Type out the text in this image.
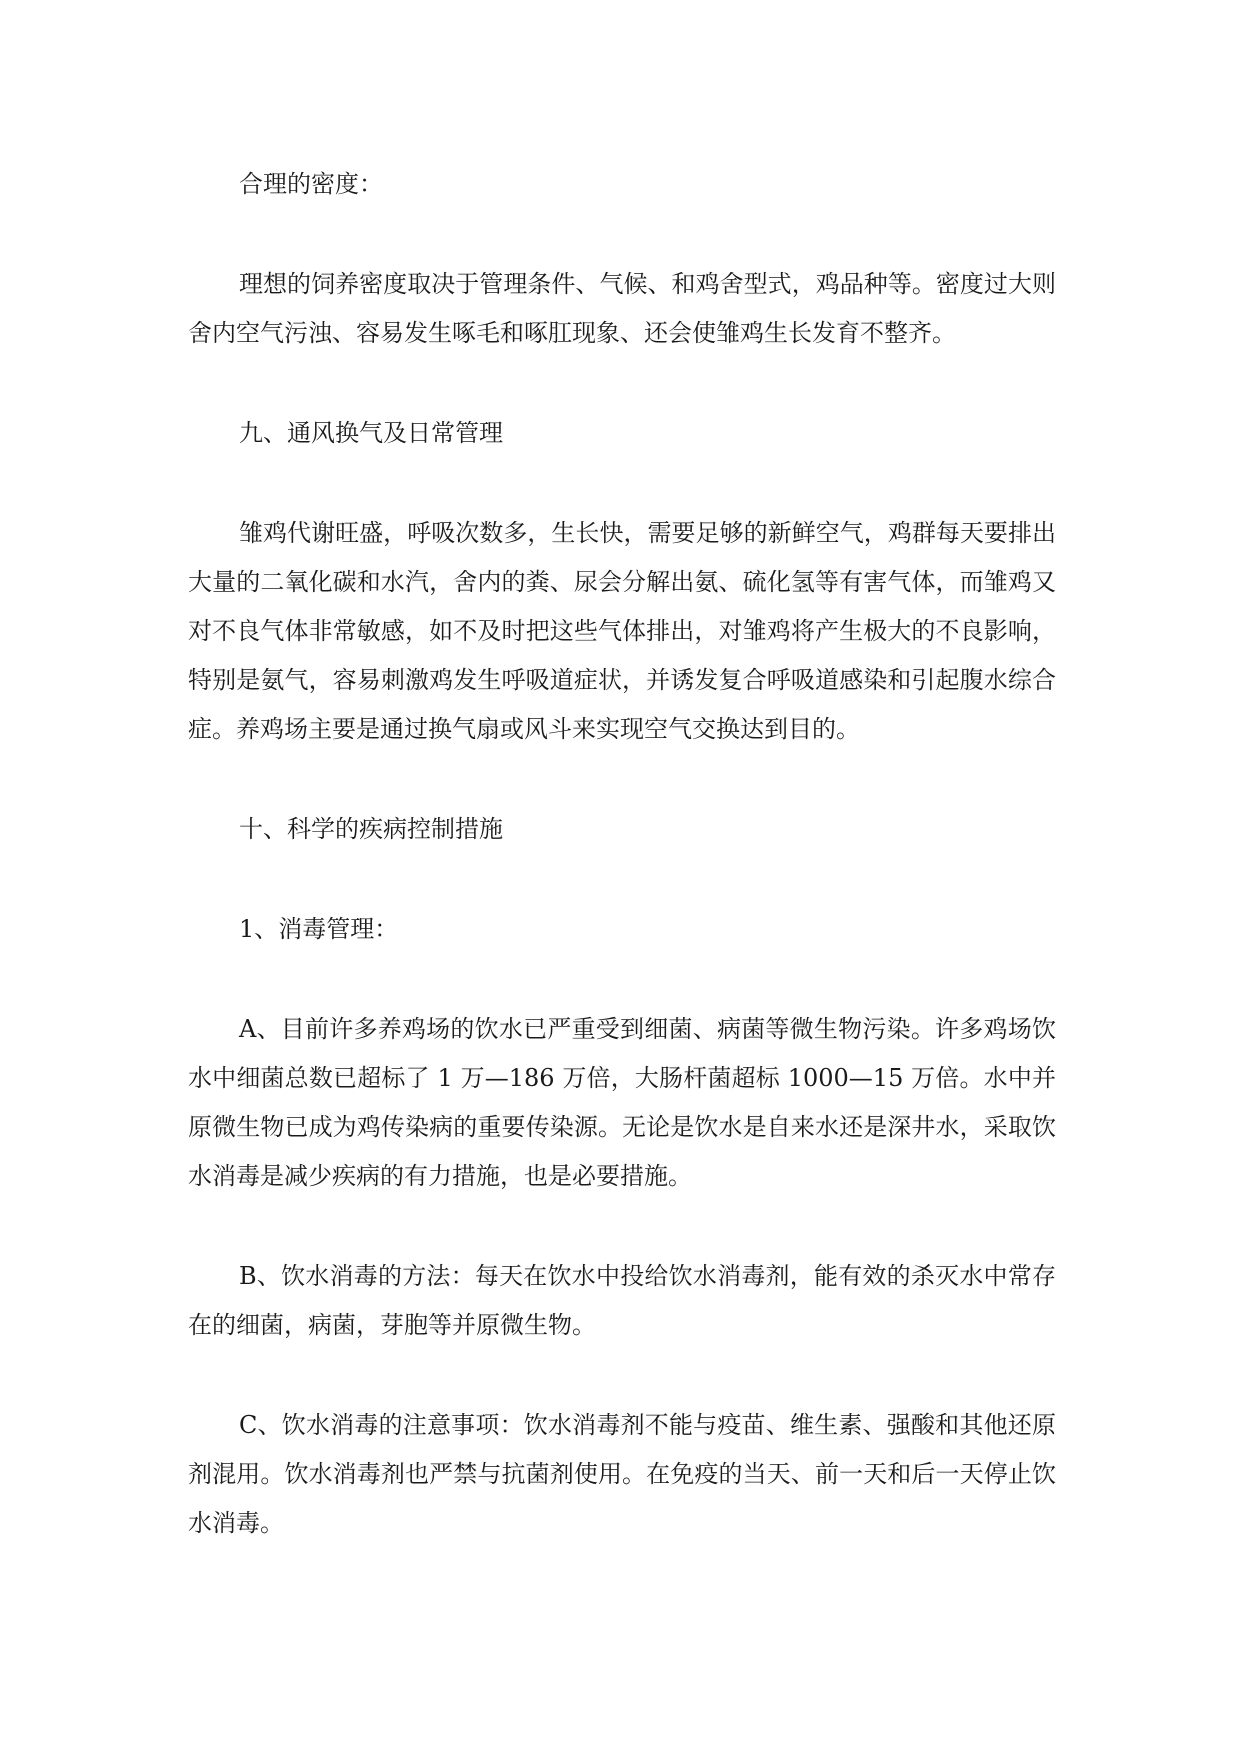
合理的密度：

理想的饲养密度取决于管理条件、气候、和鸡舍型式，鸡品种等。密度过大则舍内空气污浊、容易发生啄毛和啄肛现象、还会使雏鸡生长发育不整齐。

九、通风换气及日常管理

雏鸡代谢旺盛，呼吸次数多，生长快，需要足够的新鲜空气，鸡群每天要排出大量的二氧化碳和水汽，舍内的粪、尿会分解出氨、硫化氢等有害气体，而雏鸡又对不良气体非常敏感，如不及时把这些气体排出，对雏鸡将产生极大的不良影响，特别是氨气，容易刺激鸡发生呼吸道症状，并诱发复合呼吸道感染和引起腹水综合症。养鸡场主要是通过换气扇或风斗来实现空气交换达到目的。

十、科学的疾病控制措施

1、消毒管理：

A、目前许多养鸡场的饮水已严重受到细菌、病菌等微生物污染。许多鸡场饮水中细菌总数已超标了 1 万—186 万倍，大肠杆菌超标 1000—15 万倍。水中并原微生物已成为鸡传染病的重要传染源。无论是饮水是自来水还是深井水，采取饮水消毒是减少疾病的有力措施，也是必要措施。

B、饮水消毒的方法：每天在饮水中投给饮水消毒剂，能有效的杀灭水中常存在的细菌，病菌，芽胞等并原微生物。

C、饮水消毒的注意事项：饮水消毒剂不能与疫苗、维生素、强酸和其他还原剂混用。饮水消毒剂也严禁与抗菌剂使用。在免疫的当天、前一天和后一天停止饮水消毒。
